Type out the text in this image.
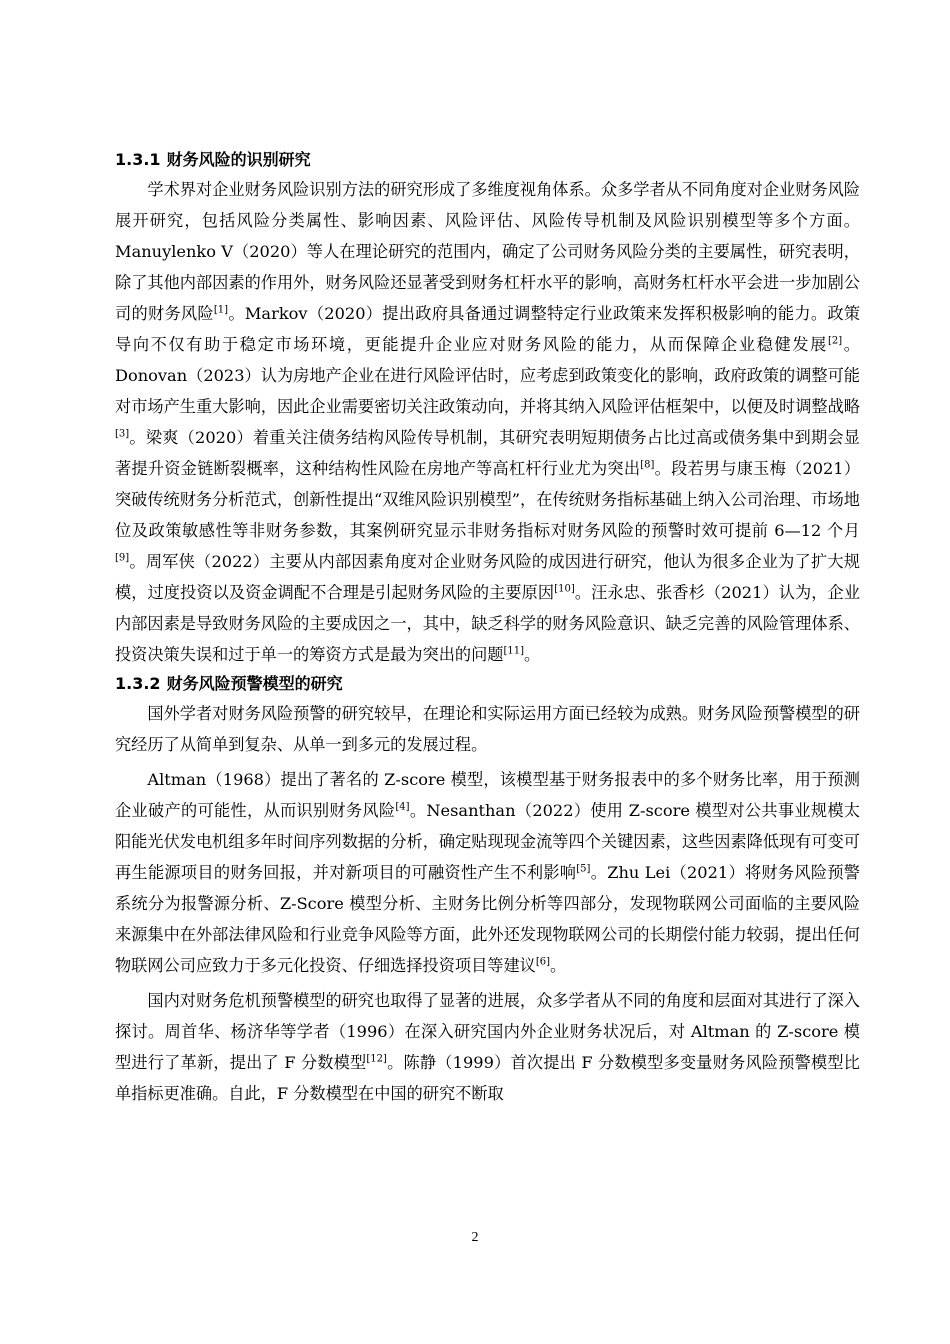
1.3.1 财务风险的识别研究

学术界对企业财务风险识别方法的研究形成了多维度视角体系。众多学者从不同角度对企业财务风险展开研究，包括风险分类属性、影响因素、风险评估、风险传导机制及风险识别模型等多个方面。Manuylenko V（2020）等人在理论研究的范围内，确定了公司财务风险分类的主要属性，研究表明，除了其他内部因素的作用外，财务风险还显著受到财务杠杆水平的影响，高财务杠杆水平会进一步加剧公司的财务风险[1]。Markov（2020）提出政府具备通过调整特定行业政策来发挥积极影响的能力。政策导向不仅有助于稳定市场环境，更能提升企业应对财务风险的能力，从而保障企业稳健发展[2]。Donovan（2023）认为房地产企业在进行风险评估时，应考虑到政策变化的影响，政府政策的调整可能对市场产生重大影响，因此企业需要密切关注政策动向，并将其纳入风险评估框架中，以便及时调整战略[3]。梁爽（2020）着重关注债务结构风险传导机制，其研究表明短期债务占比过高或债务集中到期会显著提升资金链断裂概率，这种结构性风险在房地产等高杠杆行业尤为突出[8]。段若男与康玉梅（2021）突破传统财务分析范式，创新性提出“双维风险识别模型”，在传统财务指标基础上纳入公司治理、市场地位及政策敏感性等非财务参数，其案例研究显示非财务指标对财务风险的预警时效可提前 6—12 个月[9]。周军侠（2022）主要从内部因素角度对企业财务风险的成因进行研究，他认为很多企业为了扩大规模，过度投资以及资金调配不合理是引起财务风险的主要原因[10]。汪永忠、张香杉（2021）认为，企业内部因素是导致财务风险的主要成因之一，其中，缺乏科学的财务风险意识、缺乏完善的风险管理体系、投资决策失误和过于单一的筹资方式是最为突出的问题[11]。

1.3.2 财务风险预警模型的研究

国外学者对财务风险预警的研究较早，在理论和实际运用方面已经较为成熟。财务风险预警模型的研究经历了从简单到复杂、从单一到多元的发展过程。

Altman（1968）提出了著名的 Z-score 模型，该模型基于财务报表中的多个财务比率，用于预测企业破产的可能性，从而识别财务风险[4]。Nesanthan（2022）使用 Z-score 模型对公共事业规模太阳能光伏发电机组多年时间序列数据的分析，确定贴现现金流等四个关键因素，这些因素降低现有可变可再生能源项目的财务回报，并对新项目的可融资性产生不利影响[5]。Zhu Lei（2021）将财务风险预警系统分为报警源分析、Z-Score 模型分析、主财务比例分析等四部分，发现物联网公司面临的主要风险来源集中在外部法律风险和行业竞争风险等方面，此外还发现物联网公司的长期偿付能力较弱，提出任何物联网公司应致力于多元化投资、仔细选择投资项目等建议[6]。

国内对财务危机预警模型的研究也取得了显著的进展，众多学者从不同的角度和层面对其进行了深入探讨。周首华、杨济华等学者（1996）在深入研究国内外企业财务状况后，对 Altman 的 Z-score 模型进行了革新，提出了 F 分数模型[12]。陈静（1999）首次提出 F 分数模型多变量财务风险预警模型比单指标更准确。自此，F 分数模型在中国的研究不断取

2
